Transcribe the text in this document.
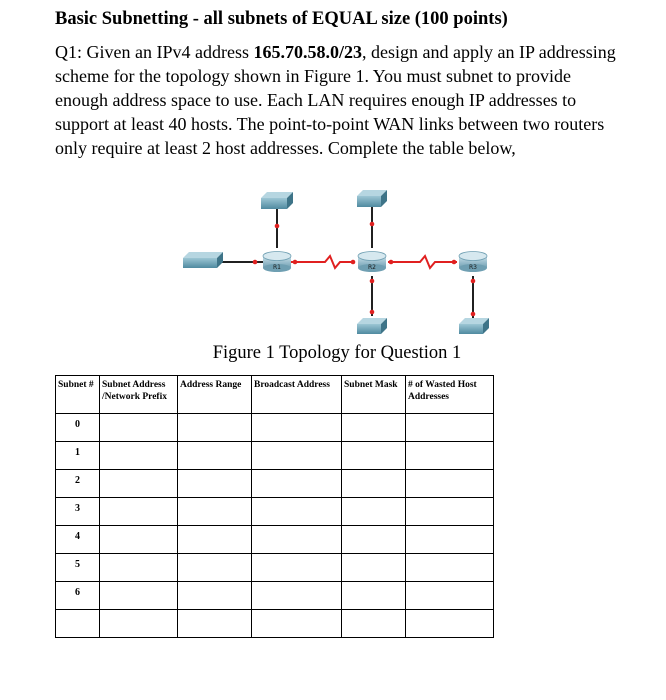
Basic Subnetting - all subnets of EQUAL size (100 points)
Q1: Given an IPv4 address 165.70.58.0/23, design and apply an IP addressing scheme for the topology shown in Figure 1. You must subnet to provide enough address space to use. Each LAN requires enough IP addresses to support at least 40 hosts. The point-to-point WAN links between two routers only require at least 2 host addresses. Complete the table below,
R1	R2	R3
Figure 1 Topology for Question 1
Subnet #	Subnet Address /Network Prefix	Address Range	Broadcast Address	Subnet Mask	# of Wasted Host Addresses
0					
1					
2					
3					
4					
5					
6					
